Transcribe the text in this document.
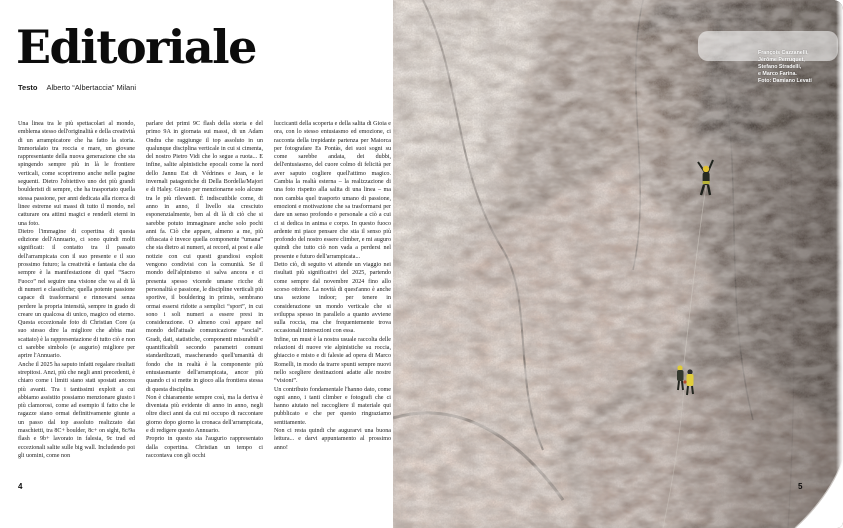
Editoriale
Testo Alberto “Albertaccia” Milani

Una linea tra le più spettacolari al mondo, emblema stesso dell'originalità e della creatività di un arrampicatore che ha fatto la storia. Immortalato tra roccia e mare, un giovane rappresentante della nuova generazione che sta spingendo sempre più in là le frontiere verticali, come scopriremo anche nelle pagine seguenti. Dietro l'obiettivo uno dei più grandi boulderisti di sempre, che ha trasportato quella stessa passione, per anni dedicata alla ricerca di linee estreme sui massi di tutto il mondo, nel catturare ora attimi magici e renderli eterni in una foto.

Dietro l'immagine di copertina di questa edizione dell'Annuario, ci sono quindi molti significati: il contatto tra il passato dell'arrampicata con il suo presente e il suo prossimo futuro; la creatività e fantasia che da sempre è la manifestazione di quel “Sacro Fuoco” nel seguire una visione che va al di là di numeri e classifiche; quella potente passione capace di trasformarsi e rinnovarsi senza perdere la propria intensità, sempre in grado di creare un qualcosa di unico, magico od eterno. Questa eccezionale foto di Christian Core (a suo stesso dire la migliore che abbia mai scattato) è la rappresentazione di tutto ciò e non ci sarebbe simbolo (e augurio) migliore per aprire l'Annuario.

Anche il 2025 ha saputo infatti regalare risultati strepitosi. Anzi, più che negli anni precedenti, è chiaro come i limiti siano stati spostati ancora più avanti. Tra i tantissimi exploit a cui abbiamo assistito possiamo menzionare giusto i più clamorosi, come ad esempio il fatto che le ragazze siano ormai definitivamente giunte a un passo dal top assoluto realizzato dai maschietti, tra 8C+ boulder, 8c+ on sight, 8c/9a flash e 9b+ lavorato in falesia, 9c trad ed eccezionali salite sulle big wall. Includendo poi gli uomini, come non

parlare dei primi 9C flash della storia e del primo 9A in giornata sui massi, di un Adam Ondra che raggiunge il top assoluto in un qualunque disciplina verticale in cui si cimenta, del nostro Pietro Vidi che lo segue a ruota... E infine, salite alpinistiche epocali come la nord dello Jannu Est di Védrines e Jean, e le invernali patagoniche di Della Bordella/Majori e di Haley. Giusto per menzionarne solo alcune tra le più rilevanti. È indiscutibile come, di anno in anno, il livello sia cresciuto esponenzialmente, ben al di là di ciò che si sarebbe potuto immaginare anche solo pochi anni fa. Ciò che appare, almeno a me, più offuscata è invece quella componente “umana” che sta dietro ai numeri, ai record, ai post e alle notizie con cui questi grandiosi exploit vengono condivisi con la comunità. Se il mondo dell'alpinismo si salva ancora e ci presenta spesso vicende umane ricche di personalità e passione, le discipline verticali più sportive, il bouldering in primis, sembrano ormai essersi ridotte a semplici “sport”, in cui sono i soli numeri a essere presi in considerazione. O almeno così appare nel mondo dell'attuale comunicazione “social”. Gradi, dati, statistiche, componenti misurabili e quantificabili secondo parametri comuni standardizzati, mascherando quell'umanità di fondo che in realtà è la componente più entusiasmante dell'arrampicata, ancor più quando ci si mette in gioco alla frontiera stessa di questa disciplina.

Non è chiaramente sempre così, ma la deriva è diventata più evidente di anno in anno, negli oltre dieci anni da cui mi occupo di raccontare giorno dopo giorno la cronaca dell'arrampicata, e di redigere questo Annuario.

Proprio in questo sta l'augurio rappresentato dalla copertina. Christian un tempo ci raccontava con gli occhi

luccicanti della scoperta e della salita di Gioia e ora, con lo stesso entusiasmo ed emozione, ci racconta della trepidante partenza per Maiorca per fotografare Es Pontàs, dei suoi sogni su come sarebbe andata, dei dubbi, dell'entusiasmo, del cuore colmo di felicità per aver saputo cogliere quell'attimo magico. Cambia la realtà esterna – la realizzazione di una foto rispetto alla salita di una linea – ma non cambia quel trasporto umano di passione, emozioni e motivazione che sa trasformarsi per dare un senso profondo e personale a ciò a cui ci si dedica in anima e corpo. In questo fuoco ardente mi piace pensare che stia il senso più profondo del nostro essere climber, e mi auguro quindi che tutto ciò non vada a perdersi nel presente e futuro dell'arrampicata...

Detto ciò, di seguito vi attende un viaggio nei risultati più significativi del 2025, partendo come sempre dal novembre 2024 fino allo scorso ottobre. La novità di quest'anno è anche una sezione indoor; per tenere in considerazione un mondo verticale che si sviluppa spesso in parallelo a quanto avviene sulla roccia, ma che frequentemente trova occasionali intersezioni con essa.

Infine, un must è la nostra usuale raccolta delle relazioni di nuove vie alpinistiche su roccia, ghiaccio e misto e di falesie ad opera di Marco Romelli, in modo da trarre spunti sempre nuovi nello scegliere destinazioni adatte alle nostre “visioni”.

Un contributo fondamentale l'hanno dato, come ogni anno, i tanti climber e fotografi che ci hanno aiutato nel raccogliere il materiale qui pubblicato e che per questo ringraziamo sentitamente.

Non ci resta quindi che augurarvi una buona lettura... e darvi appuntamento al prossimo anno!

4
François Cazzanelli,
Jérôme Perruquet,
Stefano Stradelli,
e Marco Farina.
Foto: Damiano Levati
5
